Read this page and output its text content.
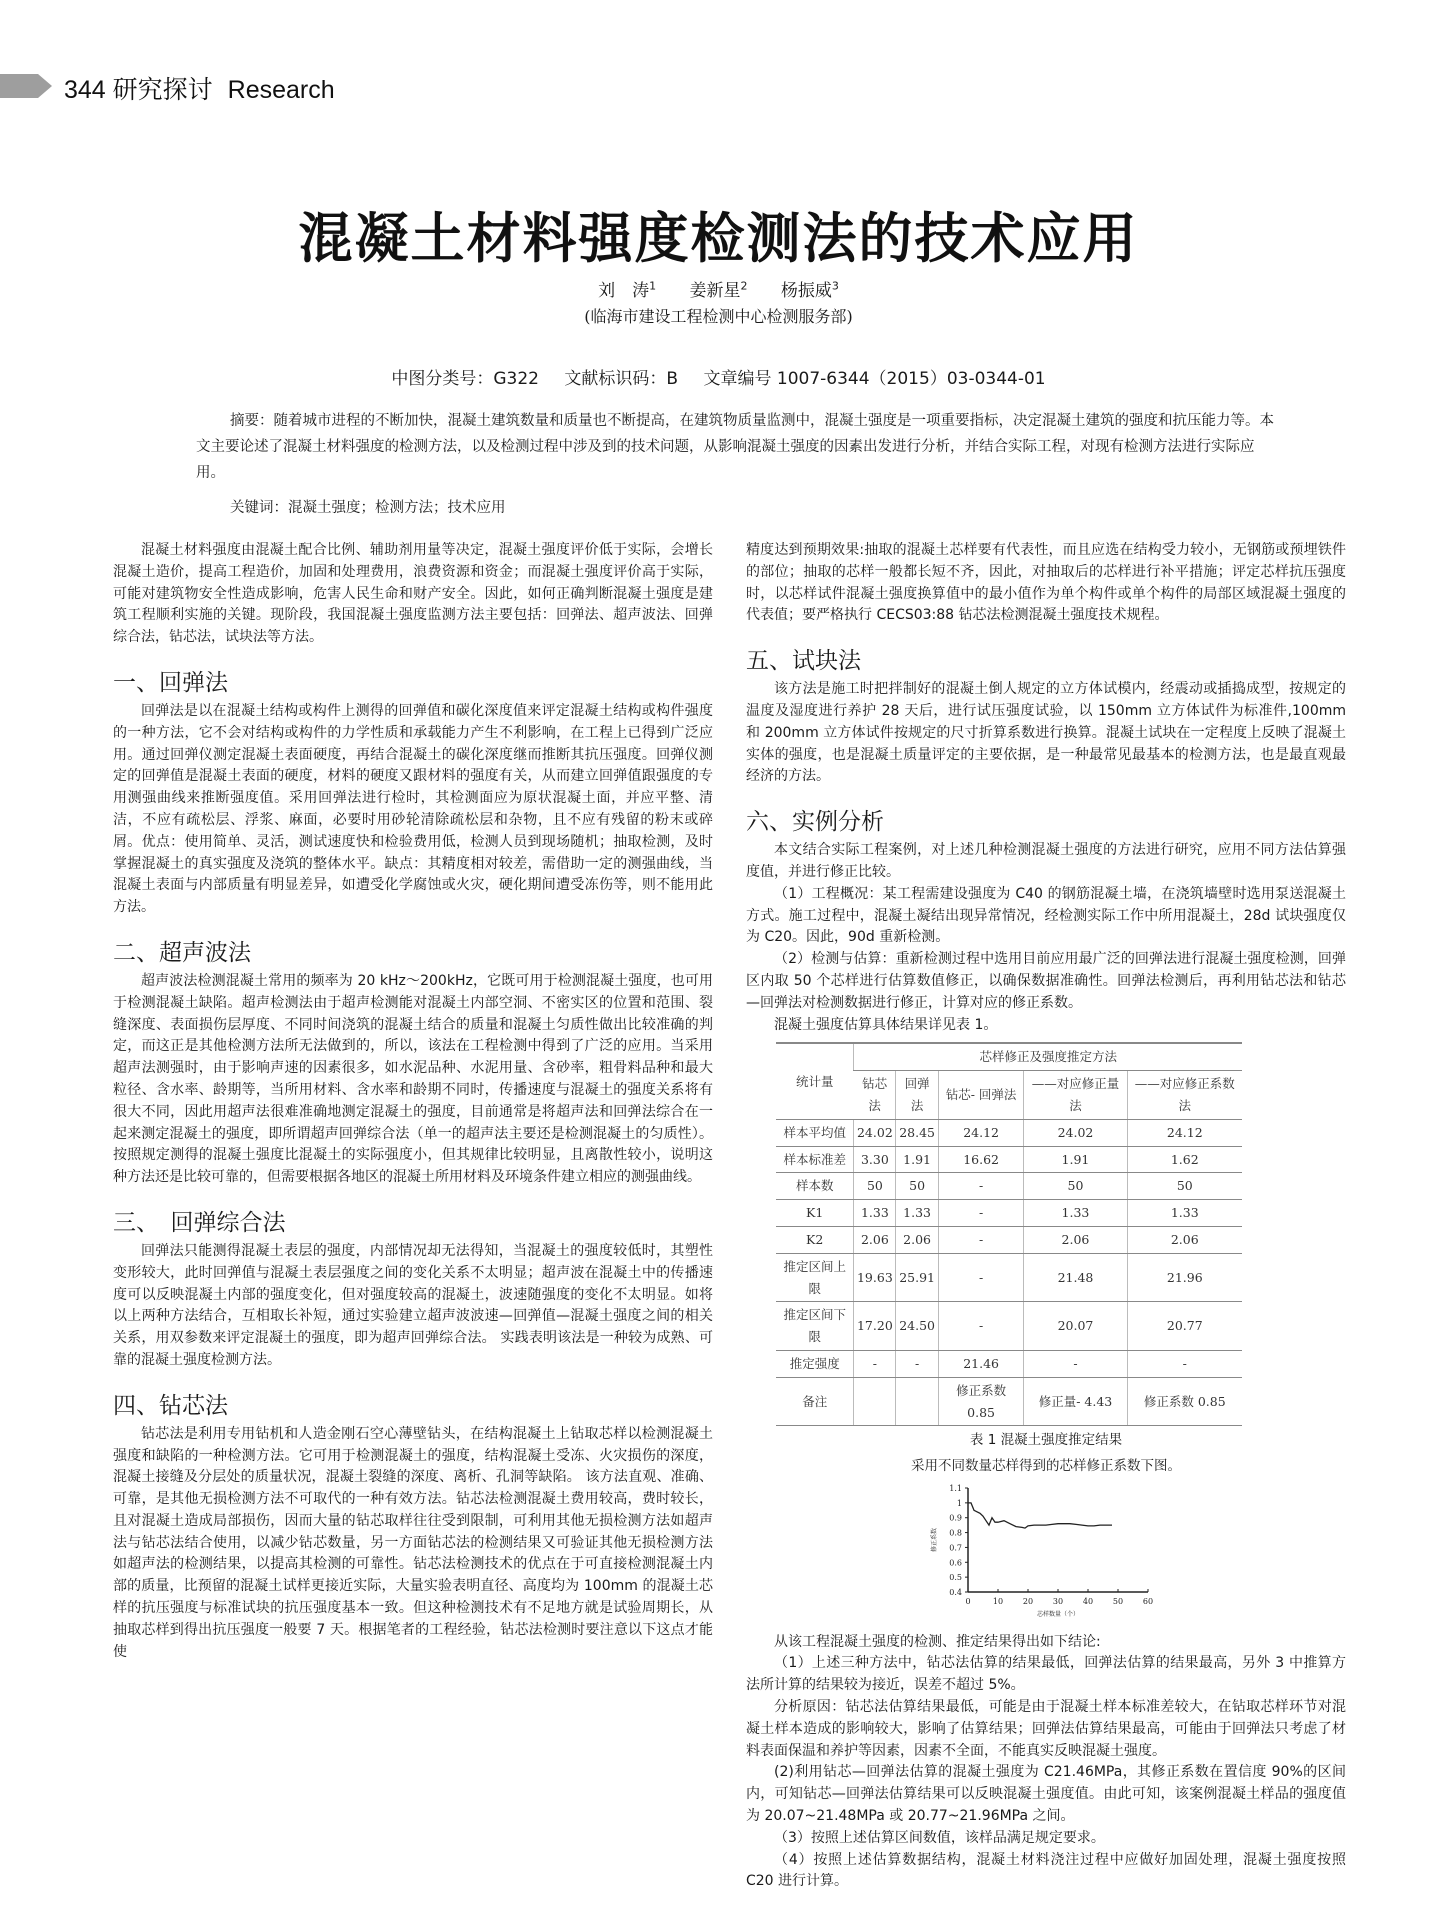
344 研究探讨 Research
混凝土材料强度检测法的技术应用
刘　涛$^1$ 姜新星$^2$ 杨振威$^3$
(临海市建设工程检测中心检测服务部)
中图分类号：G322 文献标识码：B 文章编号 1007-6344（2015）03-0344-01
摘要：随着城市进程的不断加快，混凝土建筑数量和质量也不断提高，在建筑物质量监测中，混凝土强度是一项重要指标，决定混凝土建筑的强度和抗压能力等。本文主要论述了混凝土材料强度的检测方法，以及检测过程中涉及到的技术问题，从影响混凝土强度的因素出发进行分析，并结合实际工程，对现有检测方法进行实际应用。
关键词：混凝土强度；检测方法；技术应用

混凝土材料强度由混凝土配合比例、辅助剂用量等决定，混凝土强度评价低于实际，会增长混凝土造价，提高工程造价，加固和处理费用，浪费资源和资金；而混凝土强度评价高于实际，可能对建筑物安全性造成影响，危害人民生命和财产安全。因此，如何正确判断混凝土强度是建筑工程顺利实施的关键。现阶段，我国混凝土强度监测方法主要包括：回弹法、超声波法、回弹综合法，钻芯法，试块法等方法。

一、回弹法

回弹法是以在混凝土结构或构件上测得的回弹值和碳化深度值来评定混凝土结构或构件强度的一种方法，它不会对结构或构件的力学性质和承载能力产生不利影响，在工程上已得到广泛应用。通过回弹仪测定混凝土表面硬度，再结合混凝土的碳化深度继而推断其抗压强度。回弹仪测定的回弹值是混凝土表面的硬度，材料的硬度又跟材料的强度有关，从而建立回弹值跟强度的专用测强曲线来推断强度值。采用回弹法进行检时，其检测面应为原状混凝土面，并应平整、清洁，不应有疏松层、浮浆、麻面，必要时用砂轮清除疏松层和杂物，且不应有残留的粉末或碎屑。优点：使用简单、灵活，测试速度快和检验费用低，检测人员到现场随机；抽取检测，及时掌握混凝土的真实强度及浇筑的整体水平。缺点：其精度相对较差，需借助一定的测强曲线，当混凝土表面与内部质量有明显差异，如遭受化学腐蚀或火灾，硬化期间遭受冻伤等，则不能用此方法。

二、超声波法

超声波法检测混凝土常用的频率为 20 kHz～200kHz，它既可用于检测混凝土强度，也可用于检测混凝土缺陷。超声检测法由于超声检测能对混凝土内部空洞、不密实区的位置和范围、裂缝深度、表面损伤层厚度、不同时间浇筑的混凝土结合的质量和混凝土匀质性做出比较准确的判定，而这正是其他检测方法所无法做到的，所以，该法在工程检测中得到了广泛的应用。当采用超声法测强时，由于影响声速的因素很多，如水泥品种、水泥用量、含砂率，粗骨料品种和最大粒径、含水率、龄期等，当所用材料、含水率和龄期不同时，传播速度与混凝土的强度关系将有很大不同，因此用超声法很难准确地测定混凝土的强度，目前通常是将超声法和回弹法综合在一起来测定混凝土的强度，即所谓超声回弹综合法（单一的超声法主要还是检测混凝土的匀质性）。按照规定测得的混凝土强度比混凝土的实际强度小，但其规律比较明显，且离散性较小，说明这种方法还是比较可靠的，但需要根据各地区的混凝土所用材料及环境条件建立相应的测强曲线。

三、　回弹综合法

回弹法只能测得混凝土表层的强度，内部情况却无法得知，当混凝土的强度较低时，其塑性变形较大，此时回弹值与混凝土表层强度之间的变化关系不太明显；超声波在混凝土中的传播速度可以反映混凝土内部的强度变化，但对强度较高的混凝土，波速随强度的变化不太明显。如将以上两种方法结合，互相取长补短，通过实验建立超声波波速—回弹值—混凝土强度之间的相关关系，用双参数来评定混凝土的强度，即为超声回弹综合法。 实践表明该法是一种较为成熟、可靠的混凝土强度检测方法。

四、钻芯法

钻芯法是利用专用钻机和人造金刚石空心薄壁钻头，在结构混凝土上钻取芯样以检测混凝土强度和缺陷的一种检测方法。它可用于检测混凝土的强度，结构混凝土受冻、火灾损伤的深度，混凝土接缝及分层处的质量状况，混凝土裂缝的深度、离析、孔洞等缺陷。 该方法直观、准确、可靠，是其他无损检测方法不可取代的一种有效方法。钻芯法检测混凝土费用较高，费时较长，且对混凝土造成局部损伤，因而大量的钻芯取样往往受到限制，可利用其他无损检测方法如超声法与钻芯法结合使用，以减少钻芯数量，另一方面钻芯法的检测结果又可验证其他无损检测方法如超声法的检测结果，以提高其检测的可靠性。钻芯法检测技术的优点在于可直接检测混凝土内部的质量，比预留的混凝土试样更接近实际，大量实验表明直径、高度均为 100mm 的混凝土芯样的抗压强度与标准试块的抗压强度基本一致。但这种检测技术有不足地方就是试验周期长，从抽取芯样到得出抗压强度一般要 7 天。根据笔者的工程经验，钻芯法检测时要注意以下这点才能使

精度达到预期效果:抽取的混凝土芯样要有代表性，而且应选在结构受力较小，无钢筋或预埋铁件的部位；抽取的芯样一般都长短不齐，因此，对抽取后的芯样进行补平措施；评定芯样抗压强度时，以芯样试件混凝土强度换算值中的最小值作为单个构件或单个构件的局部区域混凝土强度的代表值；要严格执行 CECS03:88 钻芯法检测混凝土强度技术规程。

五、试块法

该方法是施工时把拌制好的混凝土倒人规定的立方体试模内，经震动或插捣成型，按规定的温度及湿度进行养护 28 天后，进行试压强度试验，以 150mm 立方体试件为标准件,100mm 和 200mm 立方体试件按规定的尺寸折算系数进行换算。混凝土试块在一定程度上反映了混凝土实体的强度，也是混凝土质量评定的主要依据，是一种最常见最基本的检测方法，也是最直观最经济的方法。

六、实例分析

本文结合实际工程案例，对上述几种检测混凝土强度的方法进行研究，应用不同方法估算强度值，并进行修正比较。

（1）工程概况：某工程需建设强度为 C40 的钢筋混凝土墙，在浇筑墙壁时选用泵送混凝土方式。施工过程中，混凝土凝结出现异常情况，经检测实际工作中所用混凝土，28d 试块强度仅为 C20。因此，90d 重新检测。

（2）检测与估算：重新检测过程中选用目前应用最广泛的回弹法进行混凝土强度检测，回弹区内取 50 个芯样进行估算数值修正，以确保数据准确性。回弹法检测后，再利用钻芯法和钻芯—回弹法对检测数据进行修正，计算对应的修正系数。

混凝土强度估算具体结果详见表 1。

统计量	芯样修正及强度推定方法				
	钻芯法	回弹法	钻芯- 回弹法	——对应修正量法	——对应修正系数法
样本平均值	24.02	28.45	24.12	24.02	24.12
样本标准差	3.30	1.91	16.62	1.91	1.62
样本数	50	50	-	50	50
K1	1.33	1.33	-	1.33	1.33
K2	2.06	2.06	-	2.06	2.06
推定区间上限	19.63	25.91	-	21.48	21.96
推定区间下限	17.20	24.50	-	20.07	20.77
推定强度	-	-	21.46	-	-
备注			修正系数 0.85	修正量- 4.43	修正系数 0.85
表 1 混凝土强度推定结果
采用不同数量芯样得到的芯样修正系数下图。
0.4
0.5
0.6
0.7
0.8
0.9
1
1.1
0	10 20 30 40 50 60
修正系数
芯样数量（个）

从该工程混凝土强度的检测、推定结果得出如下结论:

（1）上述三种方法中，钻芯法估算的结果最低，回弹法估算的结果最高，另外 3 中推算方法所计算的结果较为接近，误差不超过 5%。

分析原因：钻芯法估算结果最低，可能是由于混凝土样本标准差较大，在钻取芯样环节对混凝土样本造成的影响较大，影响了估算结果；回弹法估算结果最高，可能由于回弹法只考虑了材料表面保温和养护等因素，因素不全面，不能真实反映混凝土强度。

(2)利用钻芯—回弹法估算的混凝土强度为 C21.46MPa，其修正系数在置信度 90%的区间内，可知钻芯—回弹法估算结果可以反映混凝土强度值。由此可知，该案例混凝土样品的强度值为 20.07~21.48MPa 或 20.77~21.96MPa 之间。

（3）按照上述估算区间数值，该样品满足规定要求。

（4）按照上述估算数据结构，混凝土材料浇注过程中应做好加固处理，混凝土强度按照 C20 进行计算。
